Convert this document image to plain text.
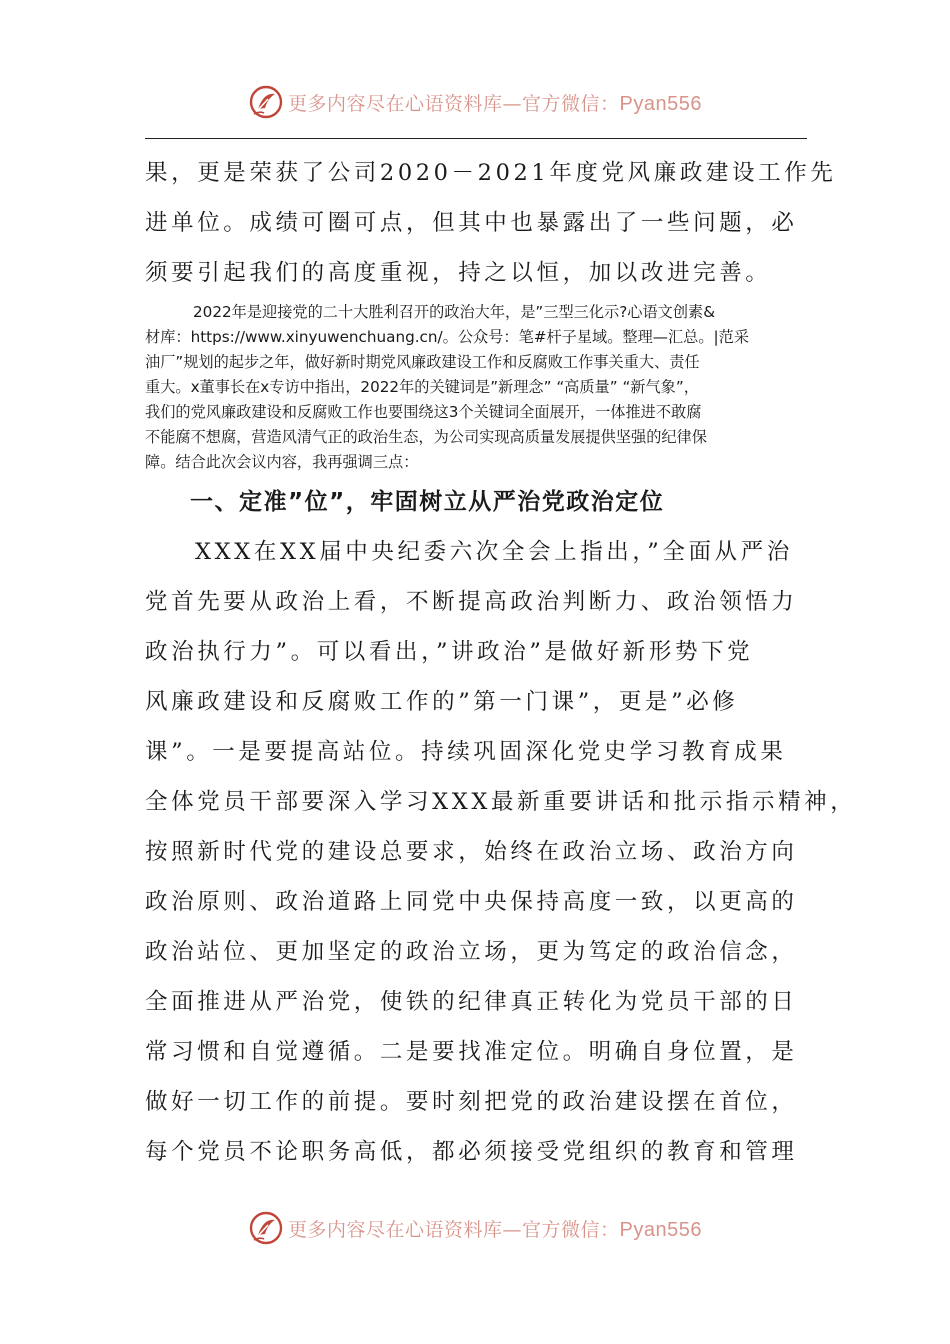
更多内容尽在心语资料库—官方微信：Pyan556
果，更是荣获了公司2020－2021年度党风廉政建设工作先
进单位。成绩可圈可点，但其中也暴露出了一些问题，必
须要引起我们的高度重视，持之以恒，加以改进完善。
2022年是迎接党的二十大胜利召开的政治大年，是”三型三化示?心语文创素&
材库：https://www.xinyuwenchuang.cn/。公众号：笔#杆子星域。整理—汇总。|范采
油厂”规划的起步之年，做好新时期党风廉政建设工作和反腐败工作事关重大、责任
重大。x董事长在x专访中指出，2022年的关键词是”新理念” “高质量” “新气象”，
我们的党风廉政建设和反腐败工作也要围绕这3个关键词全面展开，一体推进不敢腐
不能腐不想腐，营造风清气正的政治生态，为公司实现高质量发展提供坚强的纪律保
障。结合此次会议内容，我再强调三点：
一、定准”位”，牢固树立从严治党政治定位
XXX在XX届中央纪委六次全会上指出，”全面从严治
党首先要从政治上看，不断提高政治判断力、政治领悟力
政治执行力”。可以看出，”讲政治”是做好新形势下党
风廉政建设和反腐败工作的”第一门课”，更是”必修
课”。一是要提高站位。持续巩固深化党史学习教育成果
全体党员干部要深入学习XXX最新重要讲话和批示指示精神，
按照新时代党的建设总要求，始终在政治立场、政治方向
政治原则、政治道路上同党中央保持高度一致，以更高的
政治站位、更加坚定的政治立场，更为笃定的政治信念，
全面推进从严治党，使铁的纪律真正转化为党员干部的日
常习惯和自觉遵循。二是要找准定位。明确自身位置，是
做好一切工作的前提。要时刻把党的政治建设摆在首位，
每个党员不论职务高低，都必须接受党组织的教育和管理
更多内容尽在心语资料库—官方微信：Pyan556
